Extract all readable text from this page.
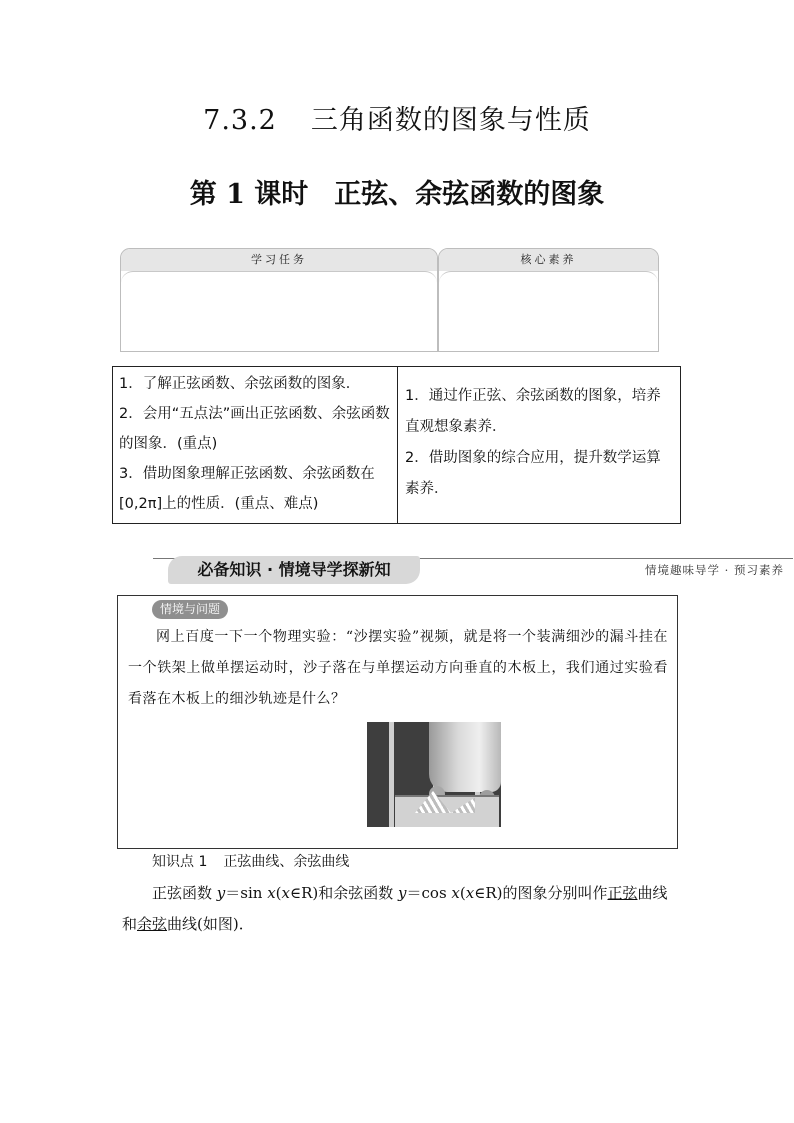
7.3.2 三角函数的图象与性质
第 1 课时 正弦、余弦函数的图象
学习任务	核心素养

1．了解正弦函数、余弦函数的图象．

2．会用“五点法”画出正弦函数、余弦函数的图象．(重点)

3．借助图象理解正弦函数、余弦函数在[0,2π]上的性质．(重点、难点)

1．通过作正弦、余弦函数的图象，培养直观想象素养．

2．借助图象的综合应用，提升数学运算素养．

必备知识 · 情境导学探新知	情境趣味导学 · 预习素养
情境与问题
网上百度一下一个物理实验：“沙摆实验”视频，就是将一个装满细沙的漏斗挂在一个铁架上做单摆运动时，沙子落在与单摆运动方向垂直的木板上，我们通过实验看看落在木板上的细沙轨迹是什么？
知识点 1 正弦曲线、余弦曲线
正弦函数 y＝sin x(x∈R)和余弦函数 y＝cos x(x∈R)的图象分别叫作正弦曲线和余弦曲线(如图)．
